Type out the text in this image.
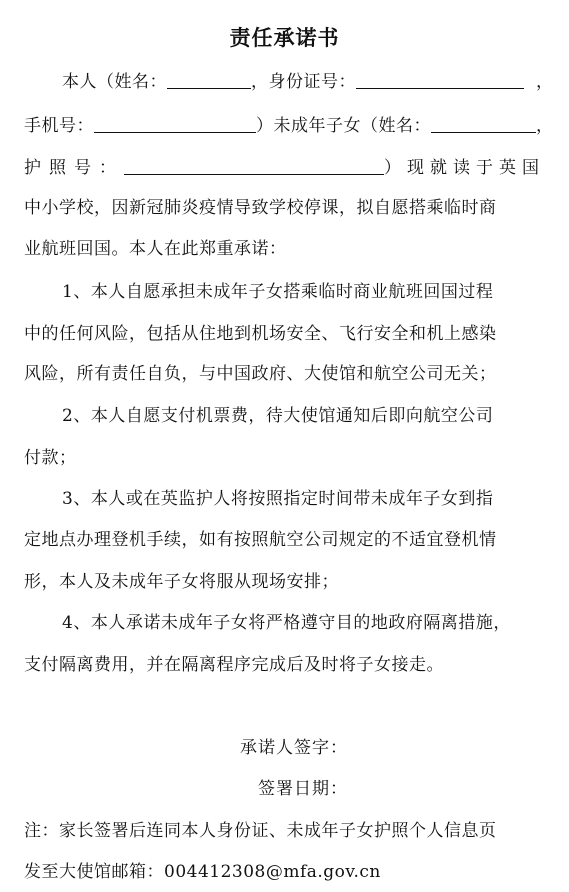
责任承诺书
本人（姓名：	，身份证号：	，
手机号：	）未成年子女（姓名：	，
护照号：	）现就读于英国
中小学校，因新冠肺炎疫情导致学校停课，拟自愿搭乘临时商
业航班回国。本人在此郑重承诺：
1、本人自愿承担未成年子女搭乘临时商业航班回国过程
中的任何风险，包括从住地到机场安全、飞行安全和机上感染
风险，所有责任自负，与中国政府、大使馆和航空公司无关；
2、本人自愿支付机票费，待大使馆通知后即向航空公司
付款；
3、本人或在英监护人将按照指定时间带未成年子女到指
定地点办理登机手续，如有按照航空公司规定的不适宜登机情
形，本人及未成年子女将服从现场安排；
4、本人承诺未成年子女将严格遵守目的地政府隔离措施，
支付隔离费用，并在隔离程序完成后及时将子女接走。
承诺人签字：
签署日期：
注：家长签署后连同本人身份证、未成年子女护照个人信息页
发至大使馆邮箱：004412308@mfa.gov.cn
